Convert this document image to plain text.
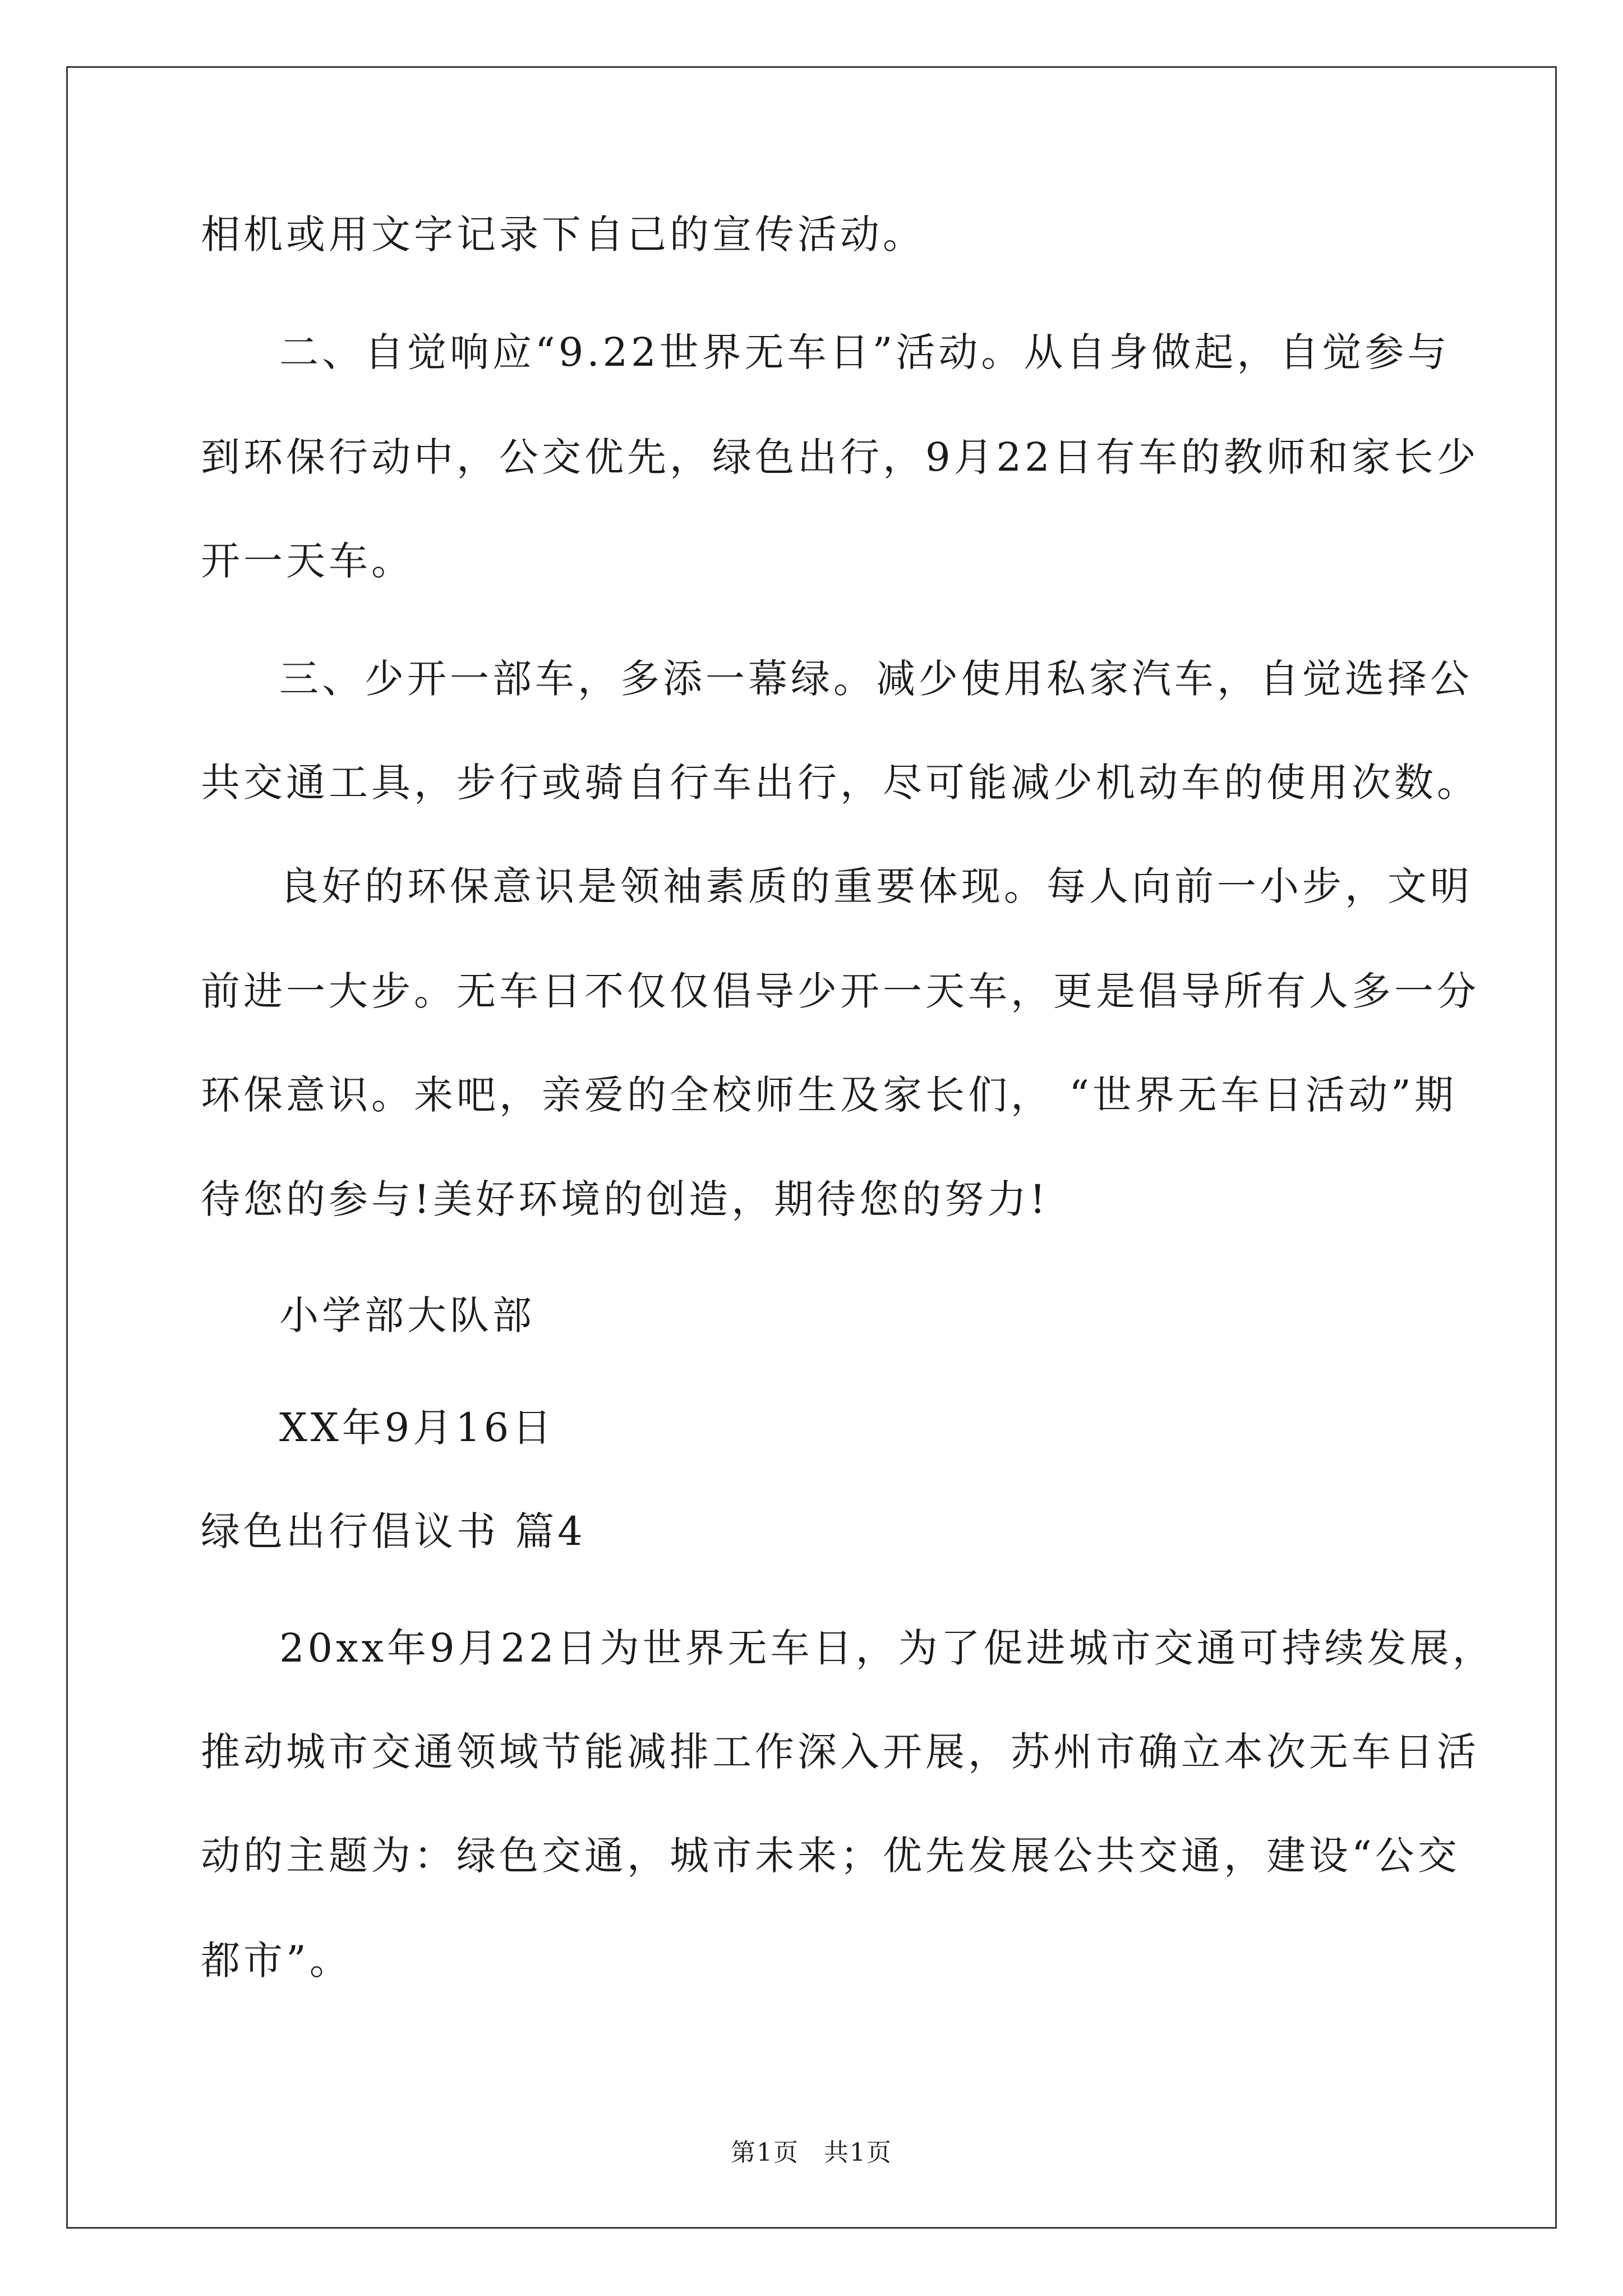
相机或用文字记录下自己的宣传活动。
二、自觉响应“9.22世界无车日”活动。从自身做起，自觉参与
到环保行动中，公交优先，绿色出行，9月22日有车的教师和家长少
开一天车。
三、少开一部车，多添一幕绿。减少使用私家汽车，自觉选择公
共交通工具，步行或骑自行车出行，尽可能减少机动车的使用次数。
良好的环保意识是领袖素质的重要体现。每人向前一小步，文明
前进一大步。无车日不仅仅倡导少开一天车，更是倡导所有人多一分
环保意识。来吧，亲爱的全校师生及家长们， “世界无车日活动”期
待您的参与!美好环境的创造，期待您的努力!
小学部大队部
XX年9月16日
绿色出行倡议书 篇4
20xx年9月22日为世界无车日，为了促进城市交通可持续发展，
推动城市交通领域节能减排工作深入开展，苏州市确立本次无车日活
动的主题为：绿色交通，城市未来；优先发展公共交通，建设“公交
都市”。
第1页 共1页
